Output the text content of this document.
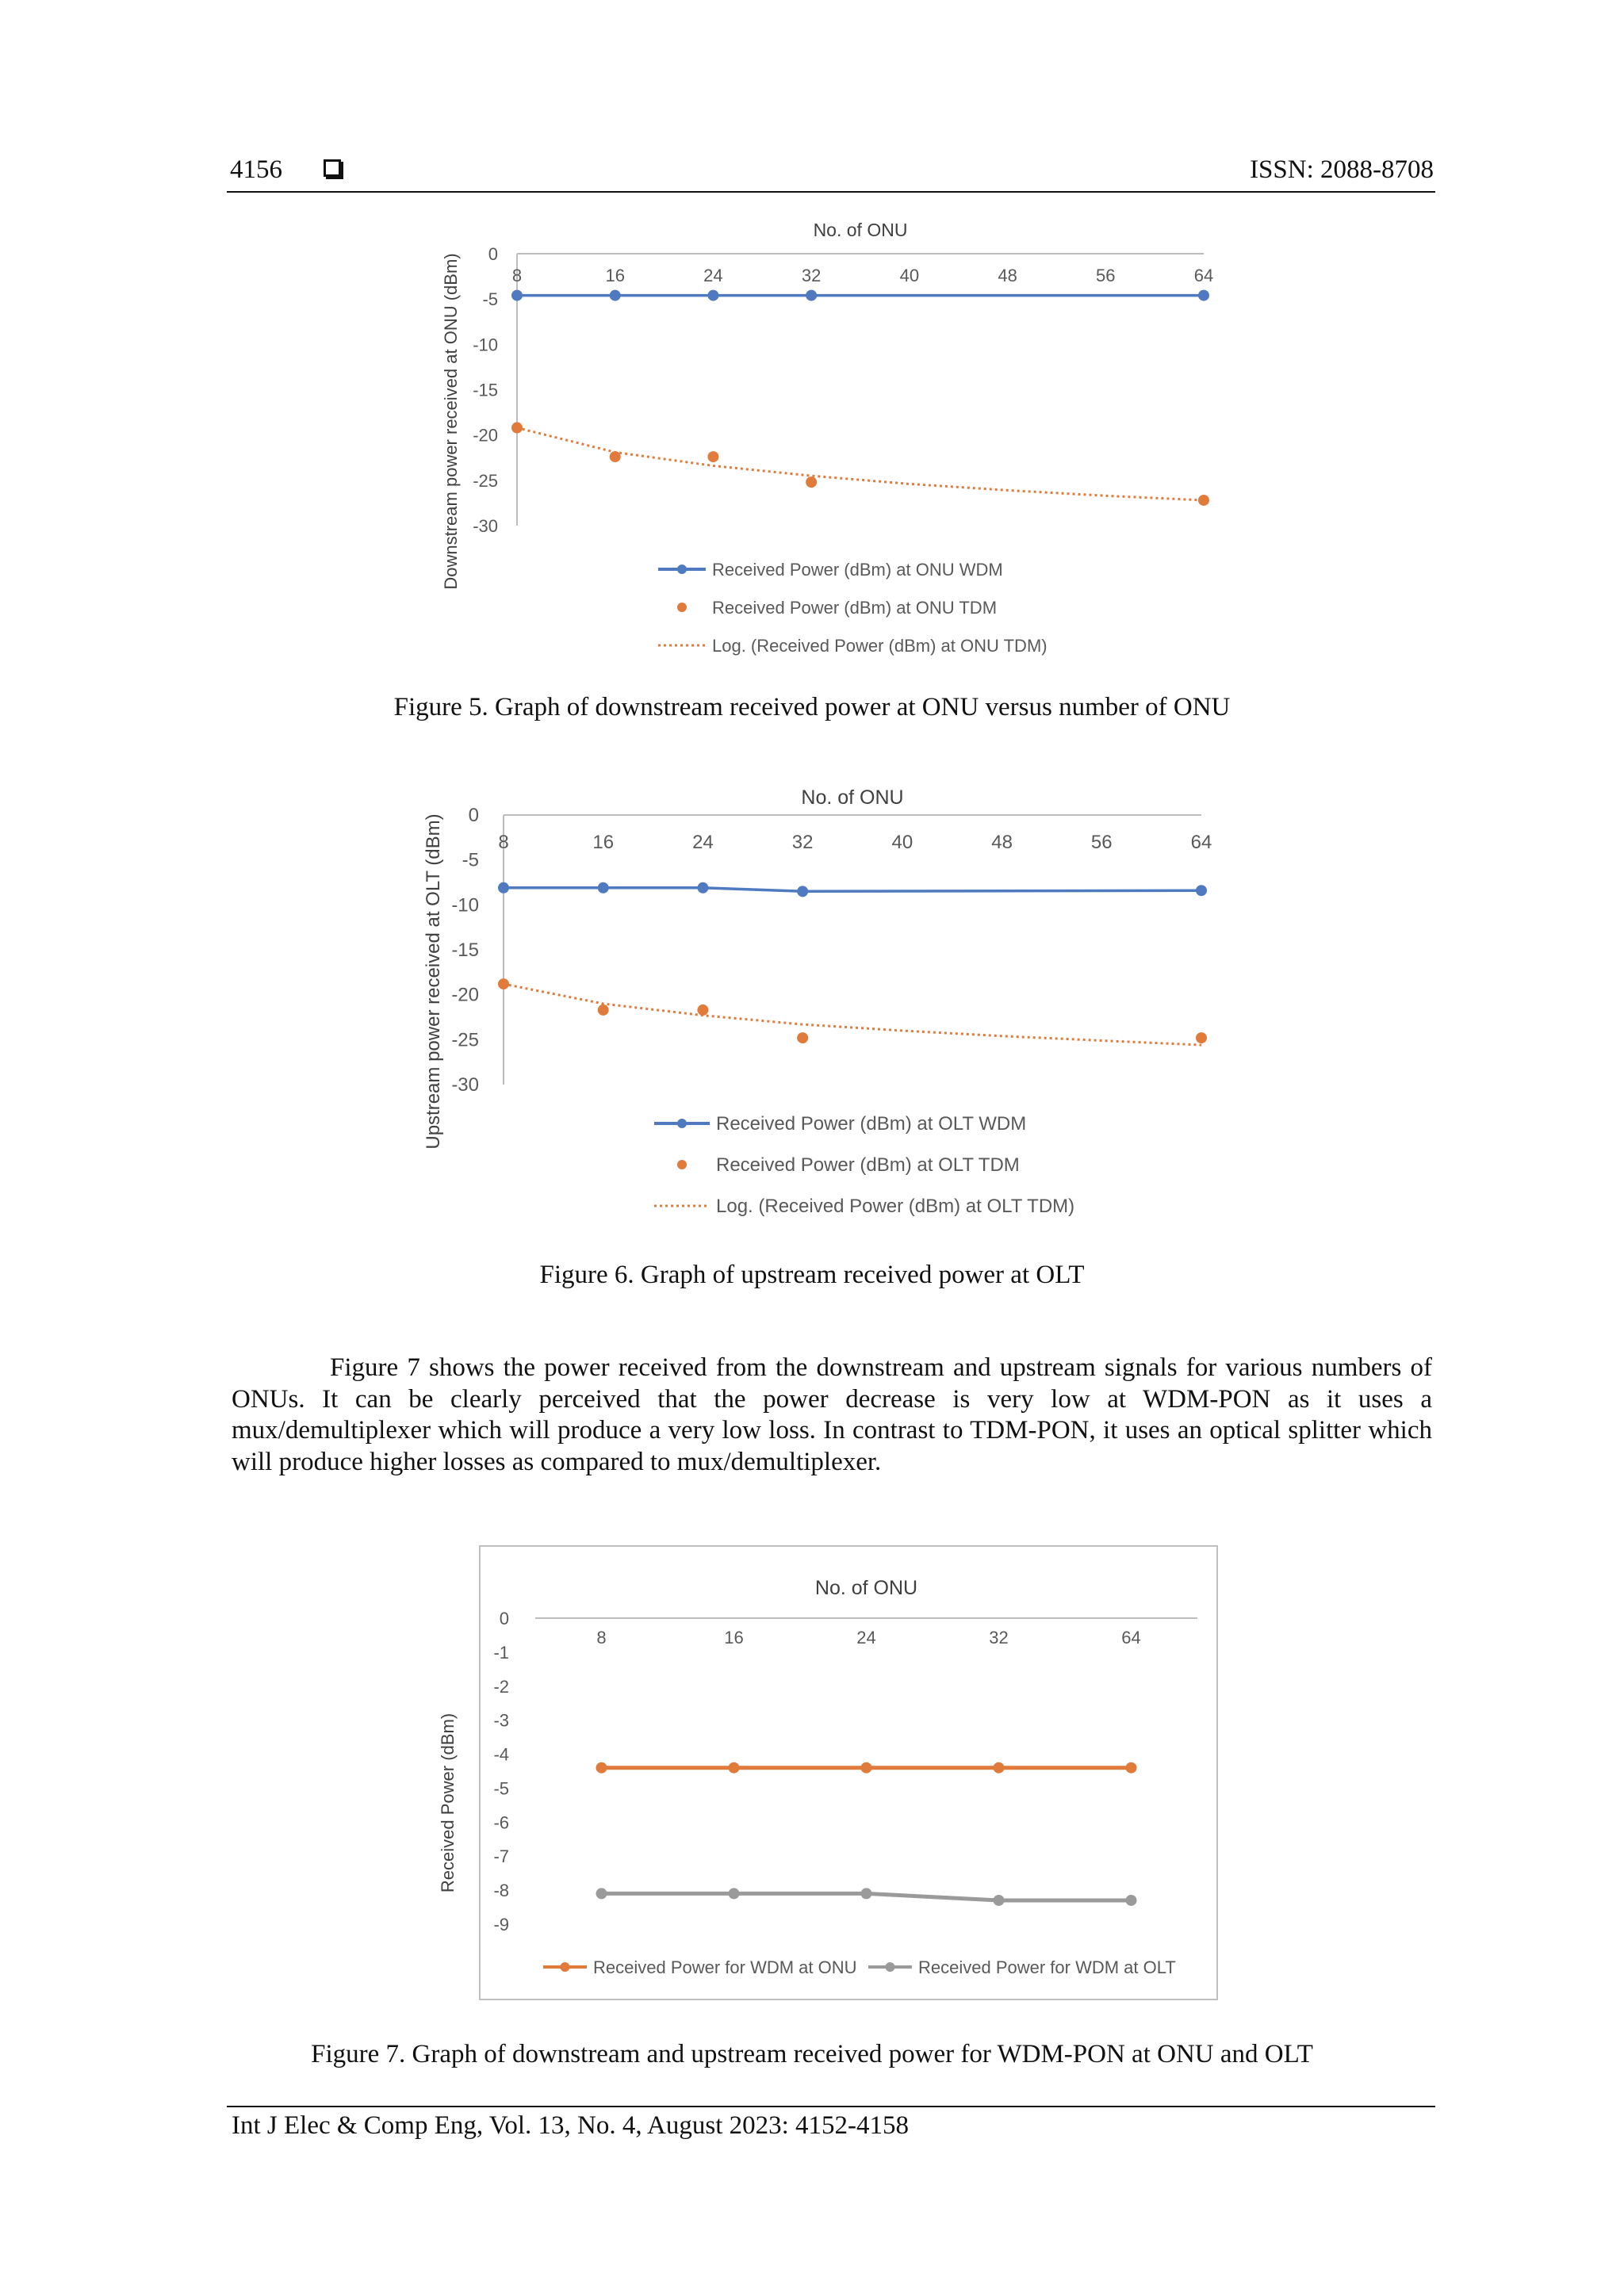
4156	ISSN: 2088-8708
No. of ONU
Downstream power received at ONU (dBm) 0
-5
-10
-15
-20
-25
-30
8	16	24	32	40	48	56	64
Received Power (dBm) at ONU WDM
Received Power (dBm) at ONU TDM
Log. (Received Power (dBm) at ONU TDM)
Figure 5. Graph of downstream received power at ONU versus number of ONU
No. of ONU
Upstream power received at OLT (dBm) 0
-5
-10
-15
-20
-25
-30
8	16	24	32	40	48	56	64
Received Power (dBm) at OLT WDM
Received Power (dBm) at OLT TDM
Log. (Received Power (dBm) at OLT TDM)
Figure 6. Graph of upstream received power at OLT
Figure 7 shows the power received from the downstream and upstream signals for various numbers of ONUs. It can be clearly perceived that the power decrease is very low at WDM-PON as it uses a mux/demultiplexer which will produce a very low loss. In contrast to TDM-PON, it uses an optical splitter which will produce higher losses as compared to mux/demultiplexer.
No. of ONU
Received Power (dBm)
0
-1
-2
-3
-4
-5
-6
-7
-8
-9
8	16	24	32	64
Received Power for WDM at ONU	Received Power for WDM at OLT
Figure 7. Graph of downstream and upstream received power for WDM-PON at ONU and OLT
Int J Elec & Comp Eng, Vol. 13, No. 4, August 2023: 4152-4158
